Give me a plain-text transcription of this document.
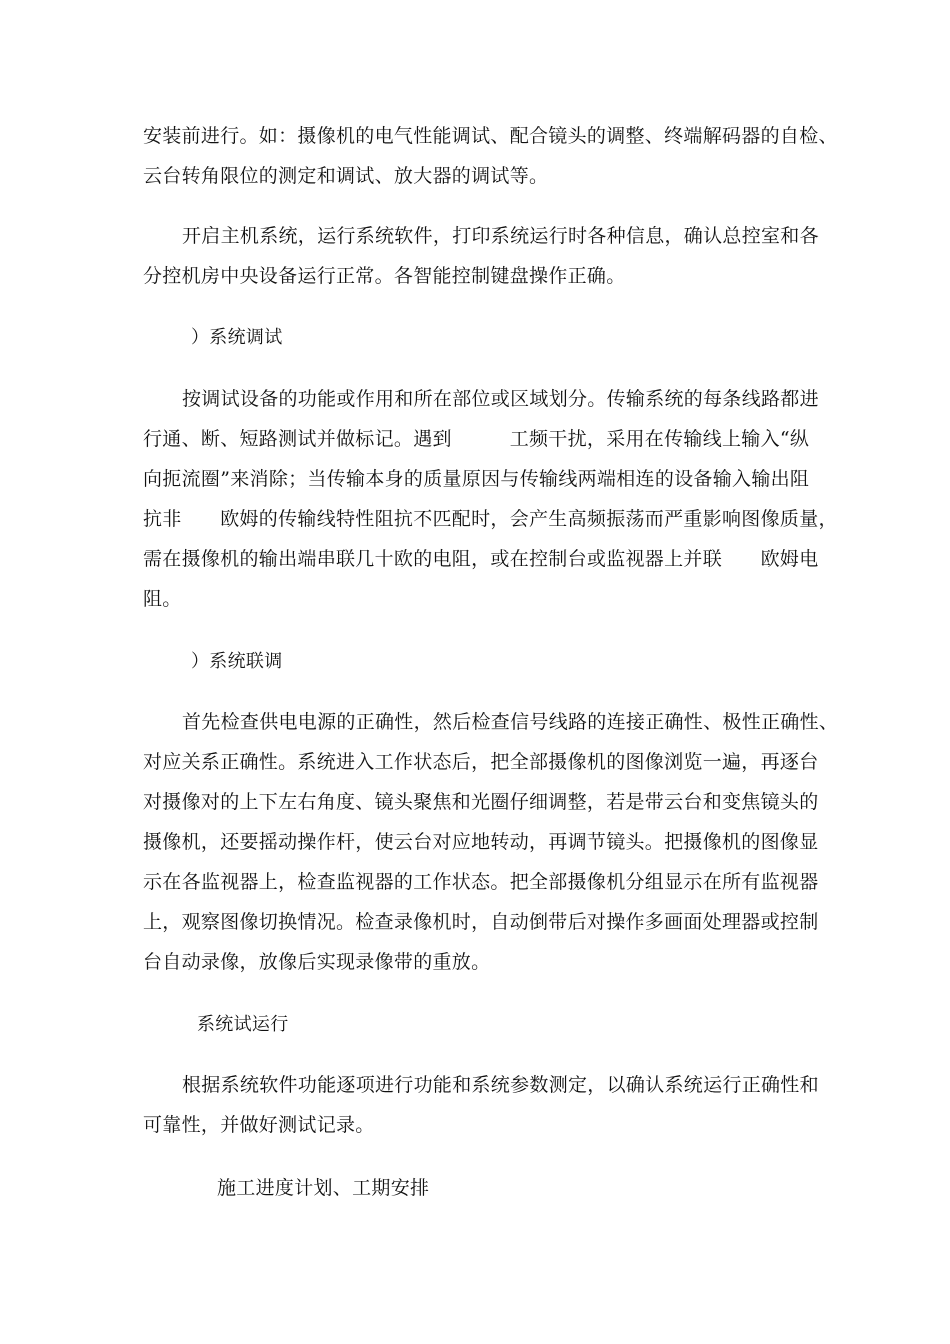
安装前进行。如：摄像机的电气性能调试、配合镜头的调整、终端解码器的自检、
云台转角限位的测定和调试、放大器的调试等。
开启主机系统，运行系统软件，打印系统运行时各种信息，确认总控室和各
分控机房中央设备运行正常。各智能控制键盘操作正确。
）系统调试
按调试设备的功能或作用和所在部位或区域划分。传输系统的每条线路都进
行通、断、短路测试并做标记。遇到　　　工频干扰，采用在传输线上输入“纵
向扼流圈”来消除；当传输本身的质量原因与传输线两端相连的设备输入输出阻
抗非　　欧姆的传输线特性阻抗不匹配时，会产生高频振荡而严重影响图像质量，
需在摄像机的输出端串联几十欧的电阻，或在控制台或监视器上并联　　欧姆电
阻。
）系统联调
首先检查供电电源的正确性，然后检查信号线路的连接正确性、极性正确性、
对应关系正确性。系统进入工作状态后，把全部摄像机的图像浏览一遍，再逐台
对摄像对的上下左右角度、镜头聚焦和光圈仔细调整，若是带云台和变焦镜头的
摄像机，还要摇动操作杆，使云台对应地转动，再调节镜头。把摄像机的图像显
示在各监视器上，检查监视器的工作状态。把全部摄像机分组显示在所有监视器
上，观察图像切换情况。检查录像机时，自动倒带后对操作多画面处理器或控制
台自动录像，放像后实现录像带的重放。
系统试运行
根据系统软件功能逐项进行功能和系统参数测定，以确认系统运行正确性和
可靠性，并做好测试记录。
施工进度计划、工期安排
